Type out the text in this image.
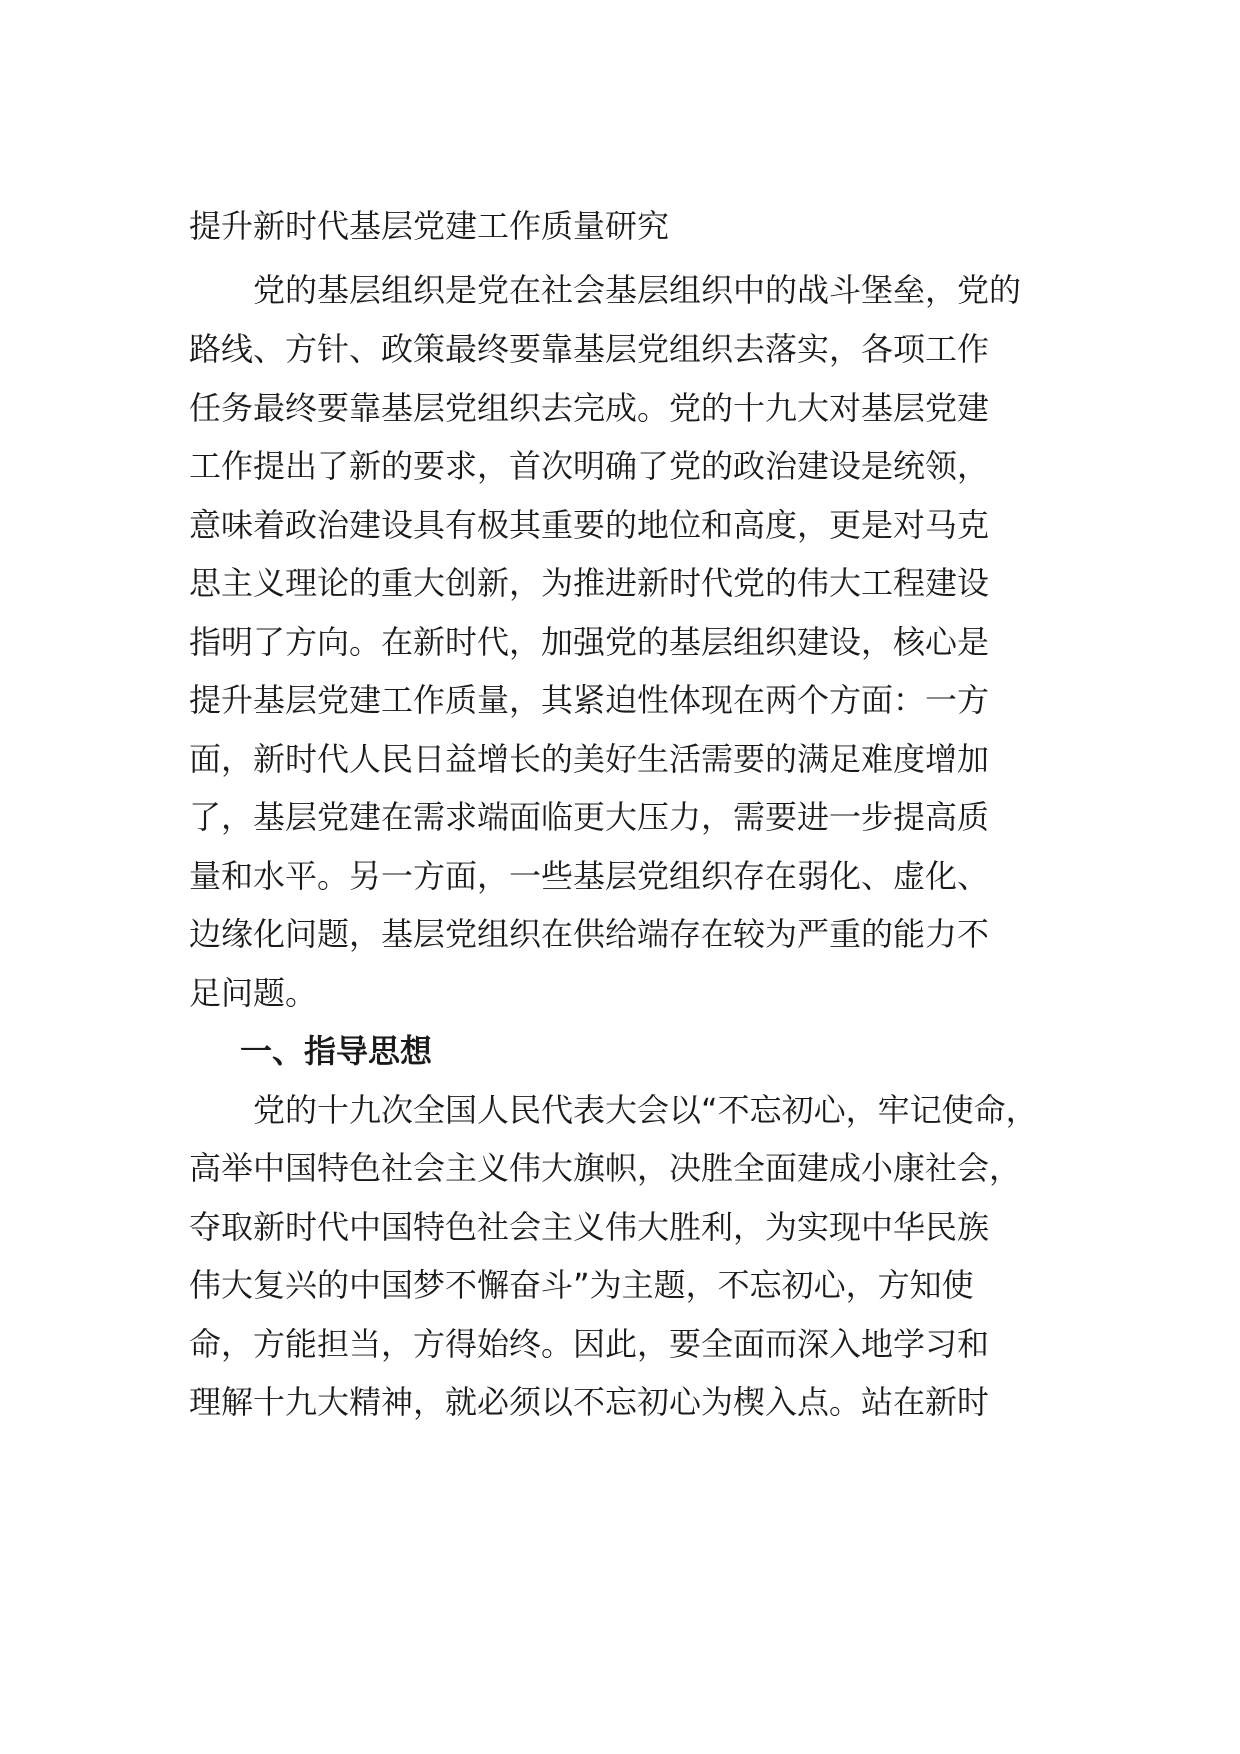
提升新时代基层党建工作质量研究
　　党的基层组织是党在社会基层组织中的战斗堡垒，党的
路线、方针、政策最终要靠基层党组织去落实，各项工作
任务最终要靠基层党组织去完成。党的十九大对基层党建
工作提出了新的要求，首次明确了党的政治建设是统领，
意味着政治建设具有极其重要的地位和高度，更是对马克
思主义理论的重大创新，为推进新时代党的伟大工程建设
指明了方向。在新时代，加强党的基层组织建设，核心是
提升基层党建工作质量，其紧迫性体现在两个方面：一方
面，新时代人民日益增长的美好生活需要的满足难度增加
了，基层党建在需求端面临更大压力，需要进一步提高质
量和水平。另一方面，一些基层党组织存在弱化、虚化、
边缘化问题，基层党组织在供给端存在较为严重的能力不
足问题。
一、指导思想
　　党的十九次全国人民代表大会以“不忘初心，牢记使命，
高举中国特色社会主义伟大旗帜，决胜全面建成小康社会，
夺取新时代中国特色社会主义伟大胜利，为实现中华民族
伟大复兴的中国梦不懈奋斗”为主题，不忘初心，方知使
命，方能担当，方得始终。因此，要全面而深入地学习和
理解十九大精神，就必须以不忘初心为楔入点。站在新时
